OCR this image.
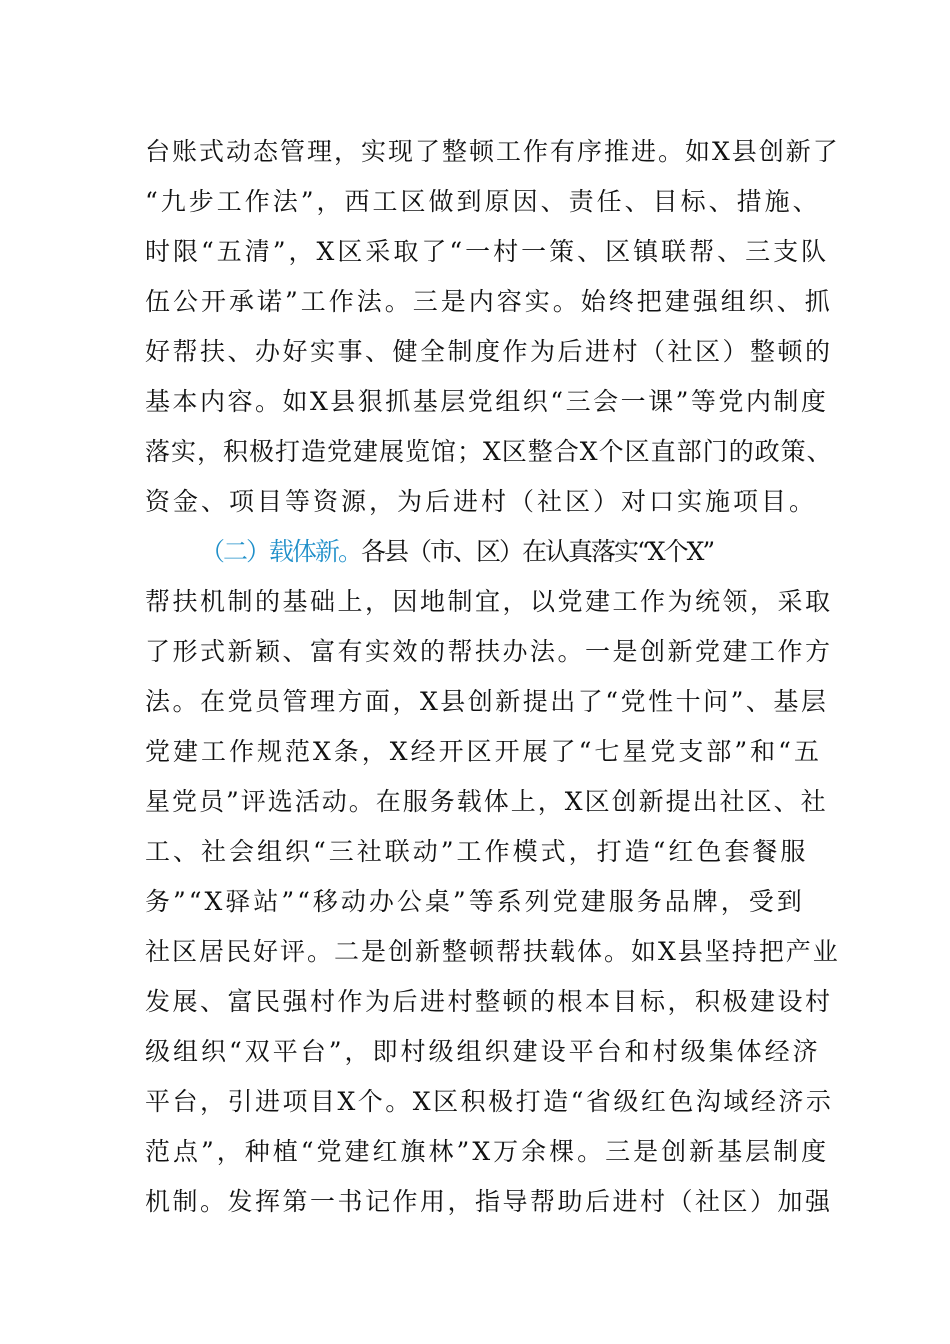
台账式动态管理，实现了整顿工作有序推进。如X县创新了
“九步工作法”，西工区做到原因、责任、目标、措施、
时限“五清”，X区采取了“一村一策、区镇联帮、三支队
伍公开承诺”工作法。三是内容实。始终把建强组织、抓
好帮扶、办好实事、健全制度作为后进村（社区）整顿的
基本内容。如X县狠抓基层党组织“三会一课”等党内制度
落实，积极打造党建展览馆；X区整合X个区直部门的政策、
资金、项目等资源，为后进村（社区）对口实施项目。
（二）载体新。各县（市、区）在认真落实“X个X”
帮扶机制的基础上，因地制宜，以党建工作为统领，采取
了形式新颖、富有实效的帮扶办法。一是创新党建工作方
法。在党员管理方面，X县创新提出了“党性十问”、基层
党建工作规范X条，X经开区开展了“七星党支部”和“五
星党员”评选活动。在服务载体上，X区创新提出社区、社
工、社会组织“三社联动”工作模式，打造“红色套餐服
务”“X驿站”“移动办公桌”等系列党建服务品牌，受到
社区居民好评。二是创新整顿帮扶载体。如X县坚持把产业
发展、富民强村作为后进村整顿的根本目标，积极建设村
级组织“双平台”，即村级组织建设平台和村级集体经济
平台，引进项目X个。X区积极打造“省级红色沟域经济示
范点”，种植“党建红旗林”X万余棵。三是创新基层制度
机制。发挥第一书记作用，指导帮助后进村（社区）加强
